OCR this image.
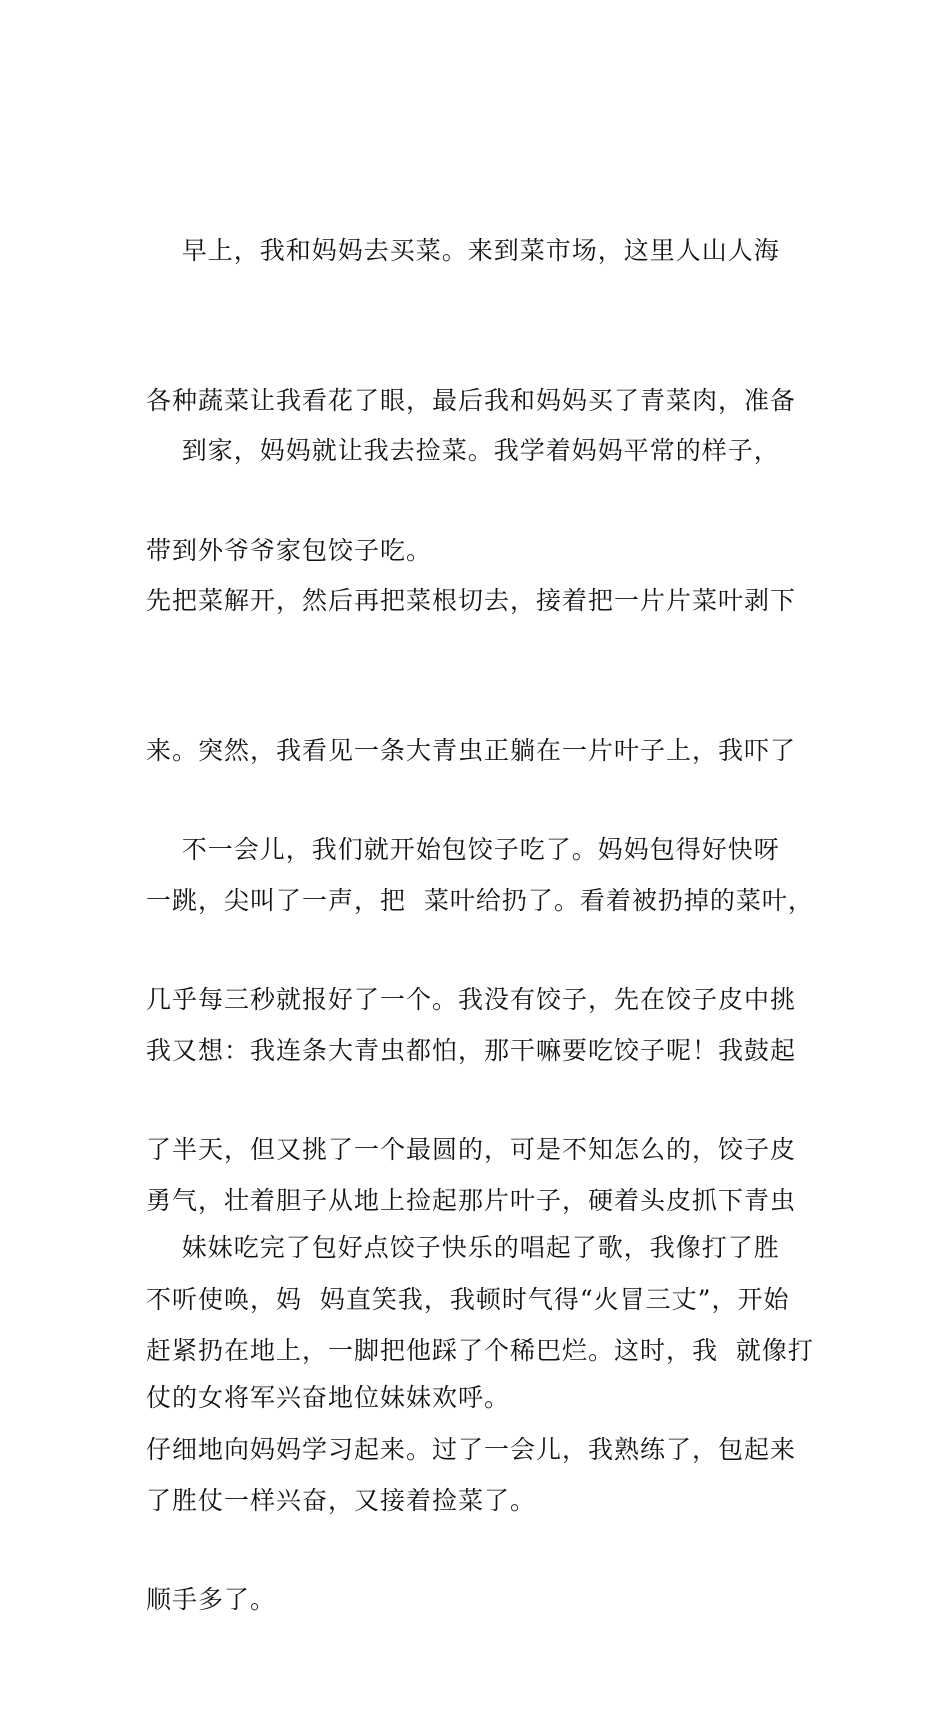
早上，我和妈妈去买菜。来到菜市场，这里人山人海

各种蔬菜让我看花了眼，最后我和妈妈买了青菜肉，准备

带到外爷爷家包饺子吃。

到家，妈妈就让我去捡菜。我学着妈妈平常的样子，

先把菜解开，然后再把菜根切去，接着把一片片菜叶剥下

来。突然，我看见一条大青虫正躺在一片叶子上，我吓了

一跳，尖叫了一声，把  菜叶给扔了。看着被扔掉的菜叶，

我又想：我连条大青虫都怕，那干嘛要吃饺子呢！我鼓起

勇气，壮着胆子从地上捡起那片叶子，硬着头皮抓下青虫

赶紧扔在地上，一脚把他踩了个稀巴烂。这时，我  就像打

了胜仗一样兴奋，又接着捡菜了。

不一会儿，我们就开始包饺子吃了。妈妈包得好快呀

几乎每三秒就报好了一个。我没有饺子，先在饺子皮中挑

了半天，但又挑了一个最圆的，可是不知怎么的，饺子皮

不听使唤，妈  妈直笑我，我顿时气得“火冒三丈”，开始

仔细地向妈妈学习起来。过了一会儿，我熟练了，包起来

顺手多了。

妹妹吃完了包好点饺子快乐的唱起了歌，我像打了胜

仗的女将军兴奋地位妹妹欢呼。
